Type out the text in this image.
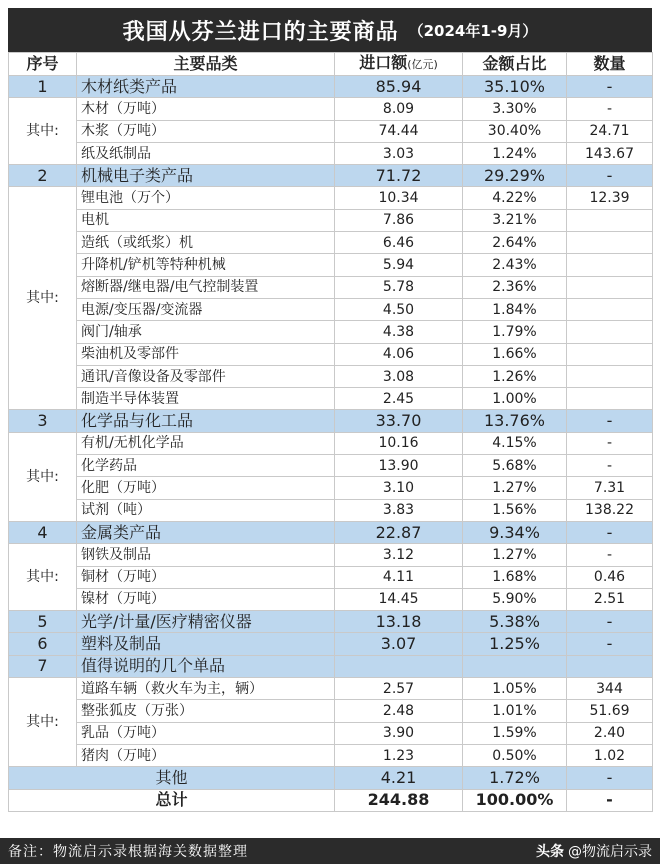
我国从芬兰进口的主要商品 （2024年1-9月）
序号	主要品类	进口额(亿元)	金额占比	数量
1	木材纸类产品	85.94	35.10%	-
其中:	木材（万吨）	8.09	3.30%	-
	木浆（万吨）	74.44	30.40%	24.71
	纸及纸制品	3.03	1.24%	143.67
2	机械电子类产品	71.72	29.29%	-
其中:	锂电池（万个）	10.34	4.22%	12.39
	电机	7.86	3.21%	
	造纸（或纸浆）机	6.46	2.64%	
	升降机/铲机等特种机械	5.94	2.43%	
	熔断器/继电器/电气控制装置	5.78	2.36%	
	电源/变压器/变流器	4.50	1.84%	
	阀门/轴承	4.38	1.79%	
	柴油机及零部件	4.06	1.66%	
	通讯/音像设备及零部件	3.08	1.26%	
	制造半导体装置	2.45	1.00%	
3	化学品与化工品	33.70	13.76%	-
其中:	有机/无机化学品	10.16	4.15%	-
	化学药品	13.90	5.68%	-
	化肥（万吨）	3.10	1.27%	7.31
	试剂（吨）	3.83	1.56%	138.22
4	金属类产品	22.87	9.34%	-
其中:	钢铁及制品	3.12	1.27%	-
	铜材（万吨）	4.11	1.68%	0.46
	镍材（万吨）	14.45	5.90%	2.51
5	光学/计量/医疗精密仪器	13.18	5.38%	-
6	塑料及制品	3.07	1.25%	-
7	值得说明的几个单品			
其中:	道路车辆（救火车为主，辆）	2.57	1.05%	344
	整张狐皮（万张）	2.48	1.01%	51.69
	乳品（万吨）	3.90	1.59%	2.40
	猪肉（万吨）	1.23	0.50%	1.02
其他		4.21	1.72%	-
总计		244.88	100.00%	-
备注：物流启示录根据海关数据整理	头条 @物流启示录
